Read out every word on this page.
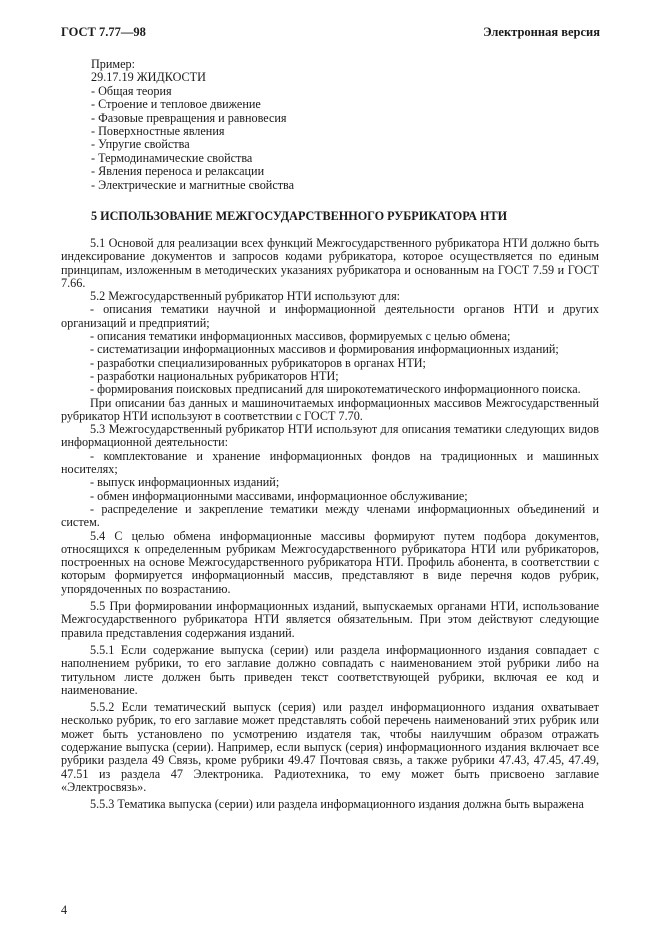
ГОСТ 7.77—98	Электронная версия
Пример:
29.17.19 ЖИДКОСТИ
- Общая теория
- Строение и тепловое движение
- Фазовые превращения и равновесия
- Поверхностные явления
- Упругие свойства
- Термодинамические свойства
- Явления переноса и релаксации
- Электрические и магнитные свойства
5 ИСПОЛЬЗОВАНИЕ МЕЖГОСУДАРСТВЕННОГО РУБРИКАТОРА НТИ

5.1 Основой для реализации всех функций Межгосударственного рубрикатора НТИ должно быть индексирование документов и запросов кодами рубрикатора, которое осуществляется по единым принципам, изложенным в методических указаниях рубрикатора и основанным на ГОСТ 7.59 и ГОСТ 7.66.

5.2 Межгосударственный рубрикатор НТИ используют для:

- описания тематики научной и информационной деятельности органов НТИ и других организаций и предприятий;

- описания тематики информационных массивов, формируемых с целью обмена;

- систематизации информационных массивов и формирования информационных изданий;

- разработки специализированных рубрикаторов в органах НТИ;

- разработки национальных рубрикаторов НТИ;

- формирования поисковых предписаний для широкотематического информационного поиска.

При описании баз данных и машиночитаемых информационных массивов Межгосударственный рубрикатор НТИ используют в соответствии с ГОСТ 7.70.

5.3 Межгосударственный рубрикатор НТИ используют для описания тематики следующих видов информационной деятельности:

- комплектование и хранение информационных фондов на традиционных и машинных носителях;

- выпуск информационных изданий;

- обмен информационными массивами, информационное обслуживание;

- распределение и закрепление тематики между членами информационных объединений и систем.

5.4 С целью обмена информационные массивы формируют путем подбора документов, относящихся к определенным рубрикам Межгосударственного рубрикатора НТИ или рубрикаторов, построенных на основе Межгосударственного рубрикатора НТИ. Профиль абонента, в соответствии с которым формируется информационный массив, представляют в виде перечня кодов рубрик, упорядоченных по возрастанию.

5.5 При формировании информационных изданий, выпускаемых органами НТИ, использование Межгосударственного рубрикатора НТИ является обязательным. При этом действуют следующие правила представления содержания изданий.

5.5.1 Если содержание выпуска (серии) или раздела информационного издания совпадает с наполнением рубрики, то его заглавие должно совпадать с наименованием этой рубрики либо на титульном листе должен быть приведен текст соответствующей рубрики, включая ее код и наименование.

5.5.2 Если тематический выпуск (серия) или раздел информационного издания охватывает несколько рубрик, то его заглавие может представлять собой перечень наименований этих рубрик или может быть установлено по усмотрению издателя так, чтобы наилучшим образом отражать содержание выпуска (серии). Например, если выпуск (серия) информационного издания включает все рубрики раздела 49 Связь, кроме рубрики 49.47 Почтовая связь, а также рубрики 47.43, 47.45, 47.49, 47.51 из раздела 47 Электроника. Радиотехника, то ему может быть присвоено заглавие «Электросвязь».

5.5.3 Тематика выпуска (серии) или раздела информационного издания должна быть выражена

4
